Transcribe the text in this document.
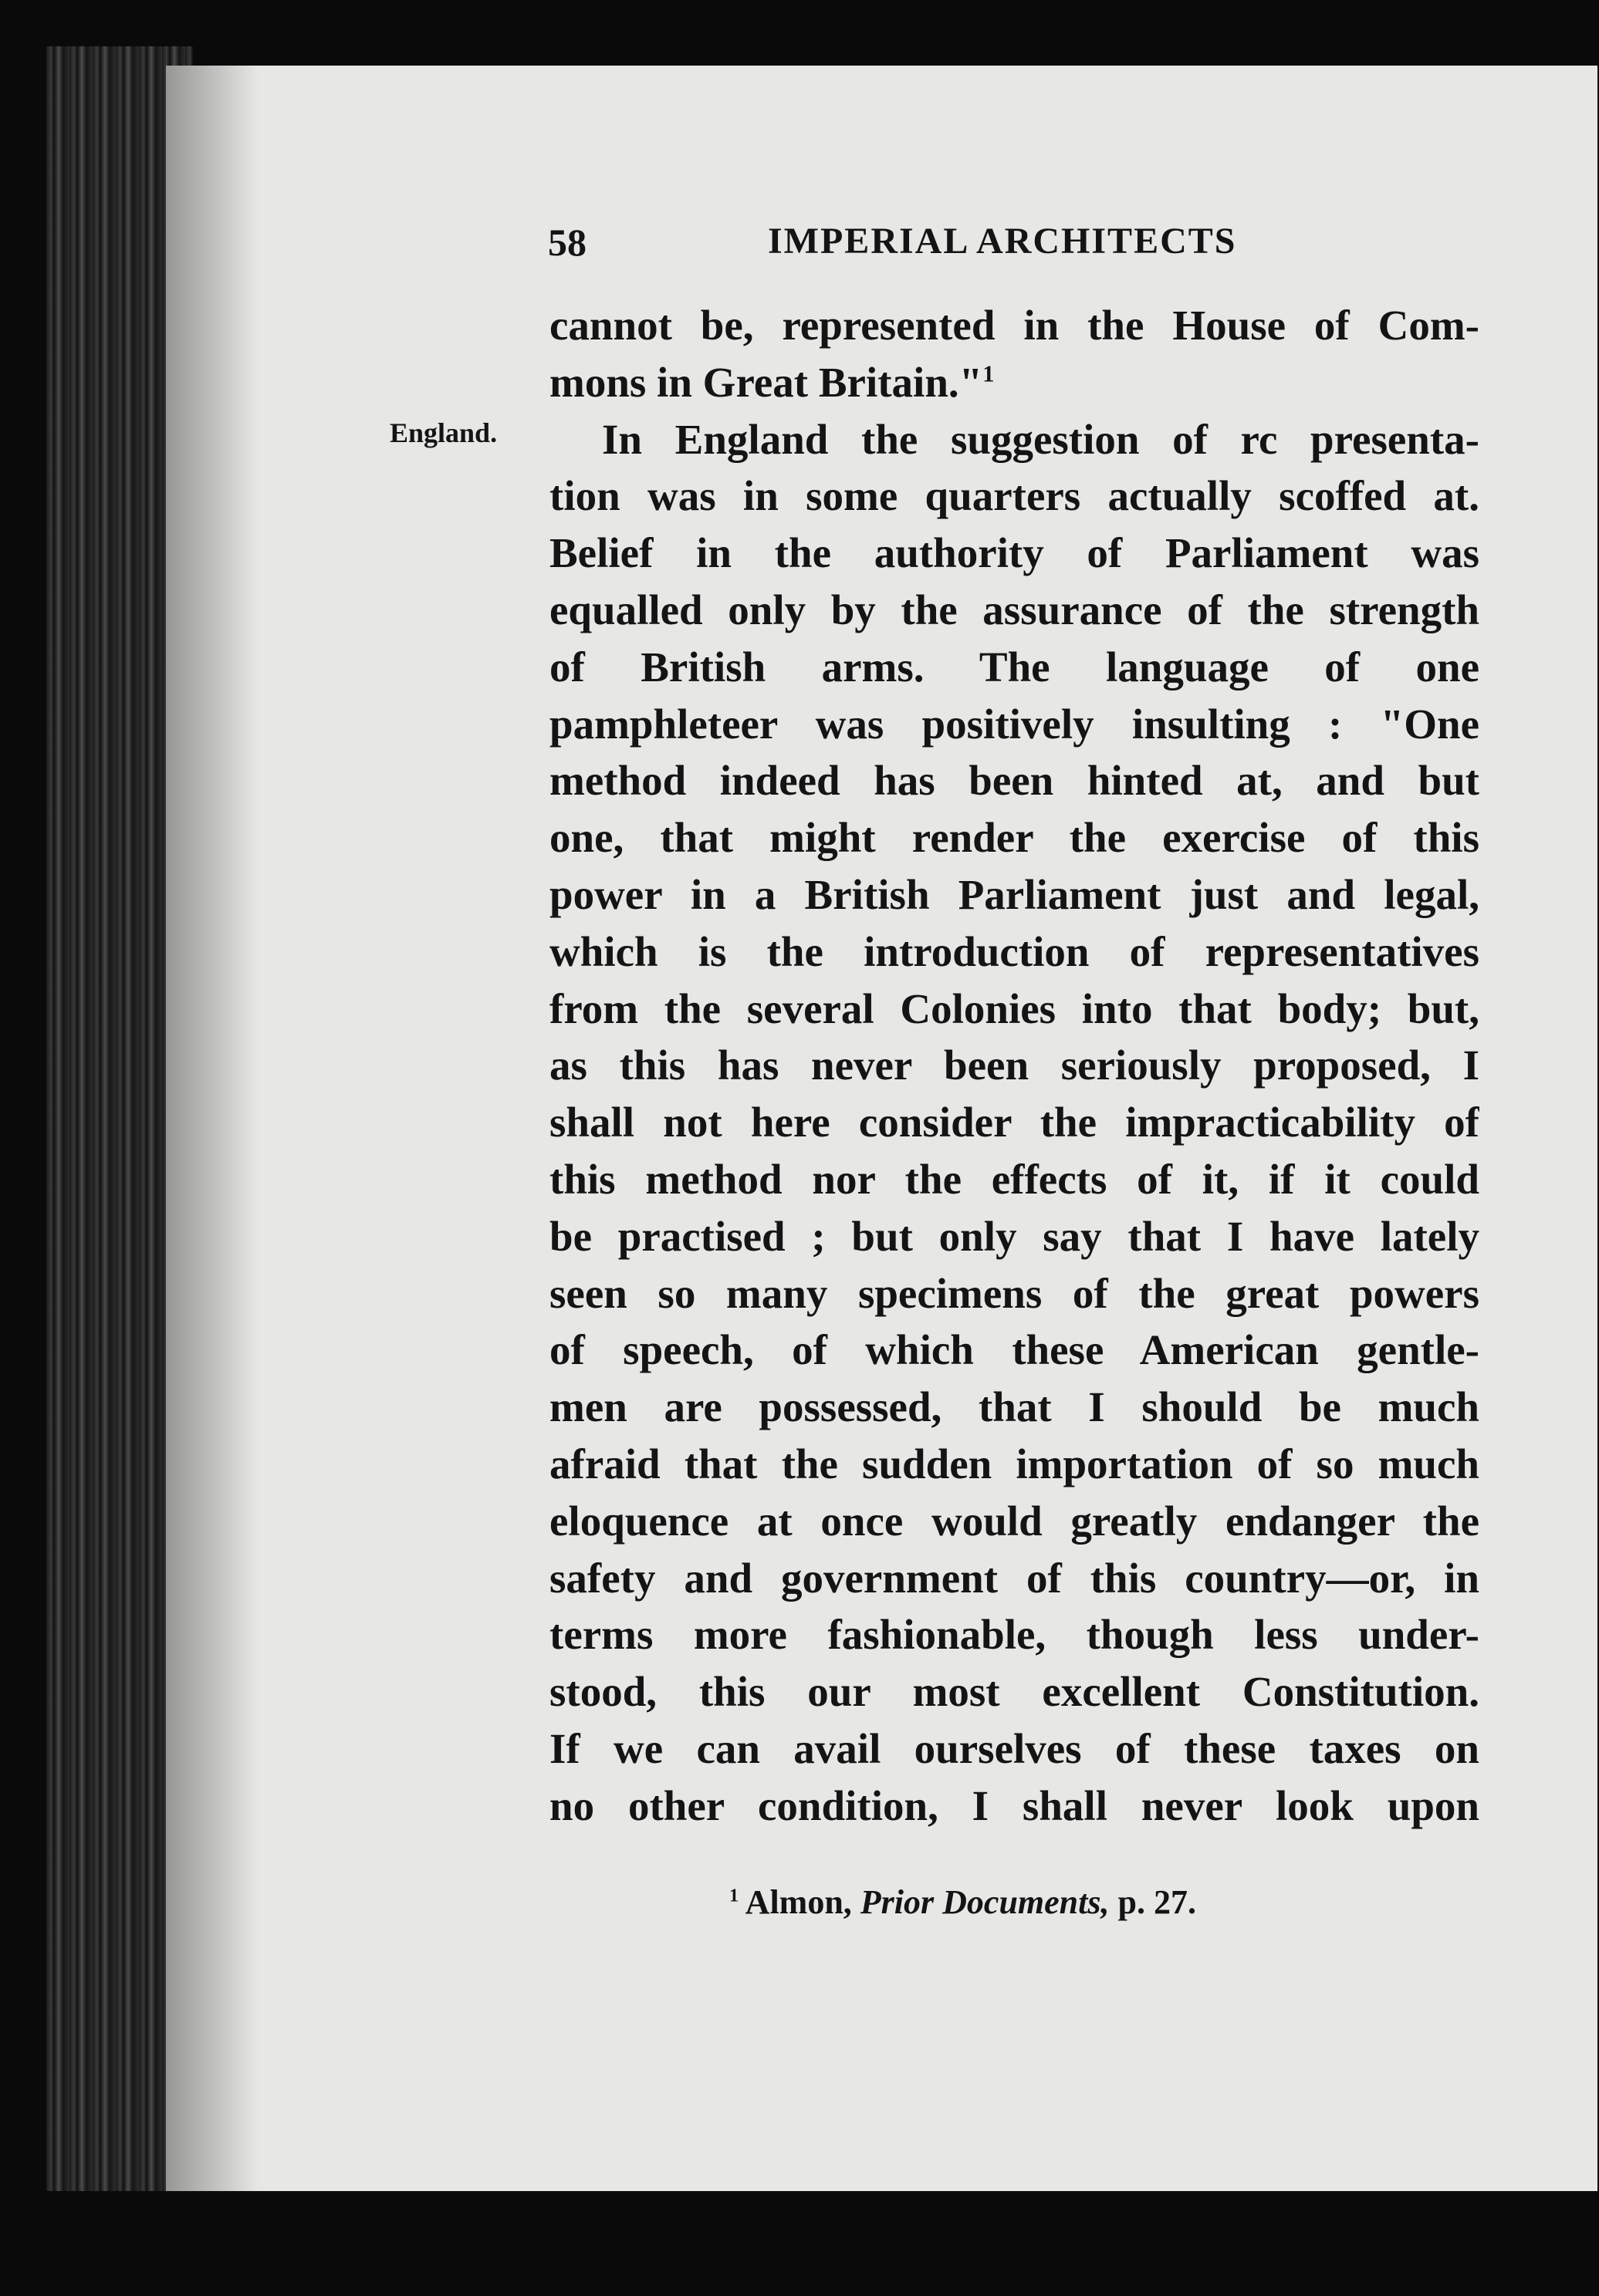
58	IMPERIAL ARCHITECTS
England.
cannot be, represented in the House of Com-
mons in Great Britain."$^1$
In England the suggestion of rc presenta-
tion was in some quarters actually scoffed at.
Belief in the authority of Parliament was
equalled only by the assurance of the strength
of British arms. The language of one
pamphleteer was positively insulting : "One
method indeed has been hinted at, and but
one, that might render the exercise of this
power in a British Parliament just and legal,
which is the introduction of representatives
from the several Colonies into that body; but,
as this has never been seriously proposed, I
shall not here consider the impracticability of
this method nor the effects of it, if it could
be practised ; but only say that I have lately
seen so many specimens of the great powers
of speech, of which these American gentle-
men are possessed, that I should be much
afraid that the sudden importation of so much
eloquence at once would greatly endanger the
safety and government of this country—or, in
terms more fashionable, though less under-
stood, this our most excellent Constitution.
If we can avail ourselves of these taxes on
no other condition, I shall never look upon
$^1$ Almon, Prior Documents, p. 27.
